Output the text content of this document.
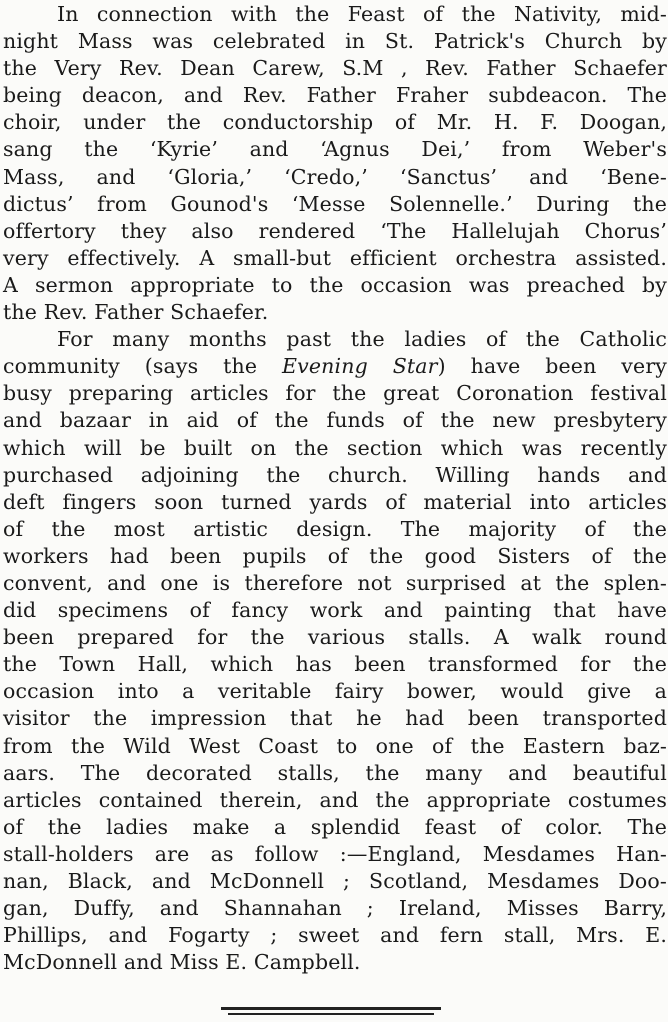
In connection with the Feast of the Nativity, mid-
night Mass was celebrated in St. Patrick's Church by
the Very Rev. Dean Carew, S.M , Rev. Father Schaefer
being deacon, and Rev. Father Fraher subdeacon. The
choir, under the conductorship of Mr. H. F. Doogan,
sang the ‘Kyrie’ and ‘Agnus Dei,’ from Weber's
Mass, and ‘Gloria,’ ‘Credo,’ ‘Sanctus’ and ‘Bene-
dictus’ from Gounod's ‘Messe Solennelle.’ During the
offertory they also rendered ‘The Hallelujah Chorus’
very effectively. A small-but efficient orchestra assisted.
A sermon appropriate to the occasion was preached by
the Rev. Father Schaefer.
For many months past the ladies of the Catholic
community (says the Evening Star) have been very
busy preparing articles for the great Coronation festival
and bazaar in aid of the funds of the new presbytery
which will be built on the section which was recently
purchased adjoining the church. Willing hands and
deft fingers soon turned yards of material into articles
of the most artistic design. The majority of the
workers had been pupils of the good Sisters of the
convent, and one is therefore not surprised at the splen-
did specimens of fancy work and painting that have
been prepared for the various stalls. A walk round
the Town Hall, which has been transformed for the
occasion into a veritable fairy bower, would give a
visitor the impression that he had been transported
from the Wild West Coast to one of the Eastern baz-
aars. The decorated stalls, the many and beautiful
articles contained therein, and the appropriate costumes
of the ladies make a splendid feast of color. The
stall-holders are as follow :—England, Mesdames Han-
nan, Black, and McDonnell ; Scotland, Mesdames Doo-
gan, Duffy, and Shannahan ; Ireland, Misses Barry,
Phillips, and Fogarty ; sweet and fern stall, Mrs. E.
McDonnell and Miss E. Campbell.
